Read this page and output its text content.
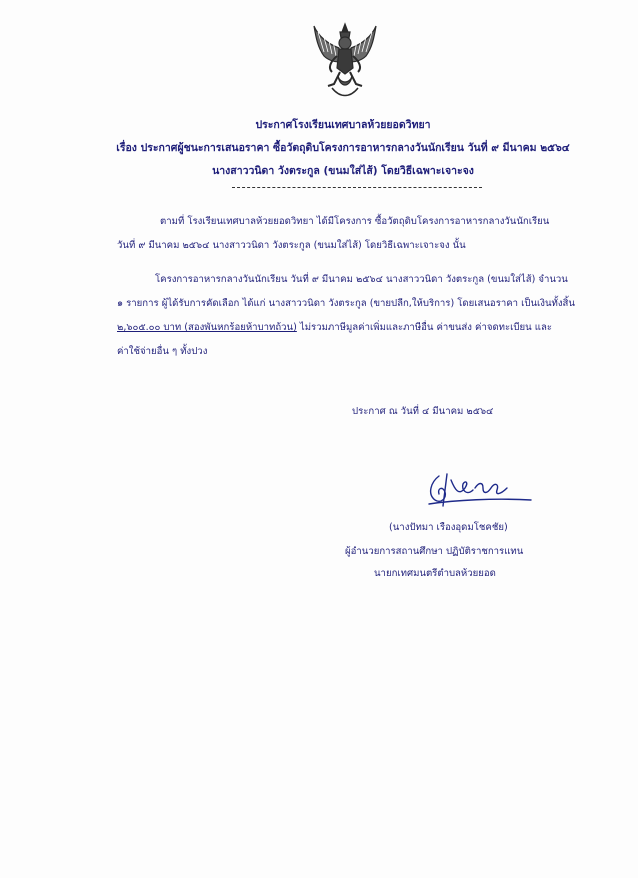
ประกาศโรงเรียนเทศบาลห้วยยอดวิทยา
เรื่อง ประกาศผู้ชนะการเสนอราคา ซื้อวัตถุดิบโครงการอาหารกลางวันนักเรียน วันที่ ๙ มีนาคม ๒๕๖๔
นางสาววนิดา วังตระกูล (ขนมใส่ไส้) โดยวิธีเฉพาะเจาะจง
ตามที่ โรงเรียนเทศบาลห้วยยอดวิทยา ได้มีโครงการ ซื้อวัตถุดิบโครงการอาหารกลางวันนักเรียน
วันที่ ๙ มีนาคม ๒๕๖๔ นางสาววนิดา วังตระกูล (ขนมใส่ไส้) โดยวิธีเฉพาะเจาะจง นั้น
โครงการอาหารกลางวันนักเรียน วันที่ ๙ มีนาคม ๒๕๖๔ นางสาววนิดา วังตระกูล (ขนมใส่ไส้) จำนวน
๑ รายการ ผู้ได้รับการคัดเลือก ได้แก่ นางสาววนิดา วังตระกูล (ขายปลีก,ให้บริการ) โดยเสนอราคา เป็นเงินทั้งสิ้น
๒,๖๐๕.๐๐ บาท (สองพันหกร้อยห้าบาทถ้วน) ไม่รวมภาษีมูลค่าเพิ่มและภาษีอื่น ค่าขนส่ง ค่าจดทะเบียน และ
ค่าใช้จ่ายอื่น ๆ ทั้งปวง
ประกาศ ณ วันที่ ๔ มีนาคม ๒๕๖๔
(นางปัทมา เรืองอุดมโชคชัย)
ผู้อำนวยการสถานศึกษา ปฏิบัติราชการแทน
นายกเทศมนตรีตำบลห้วยยอด
